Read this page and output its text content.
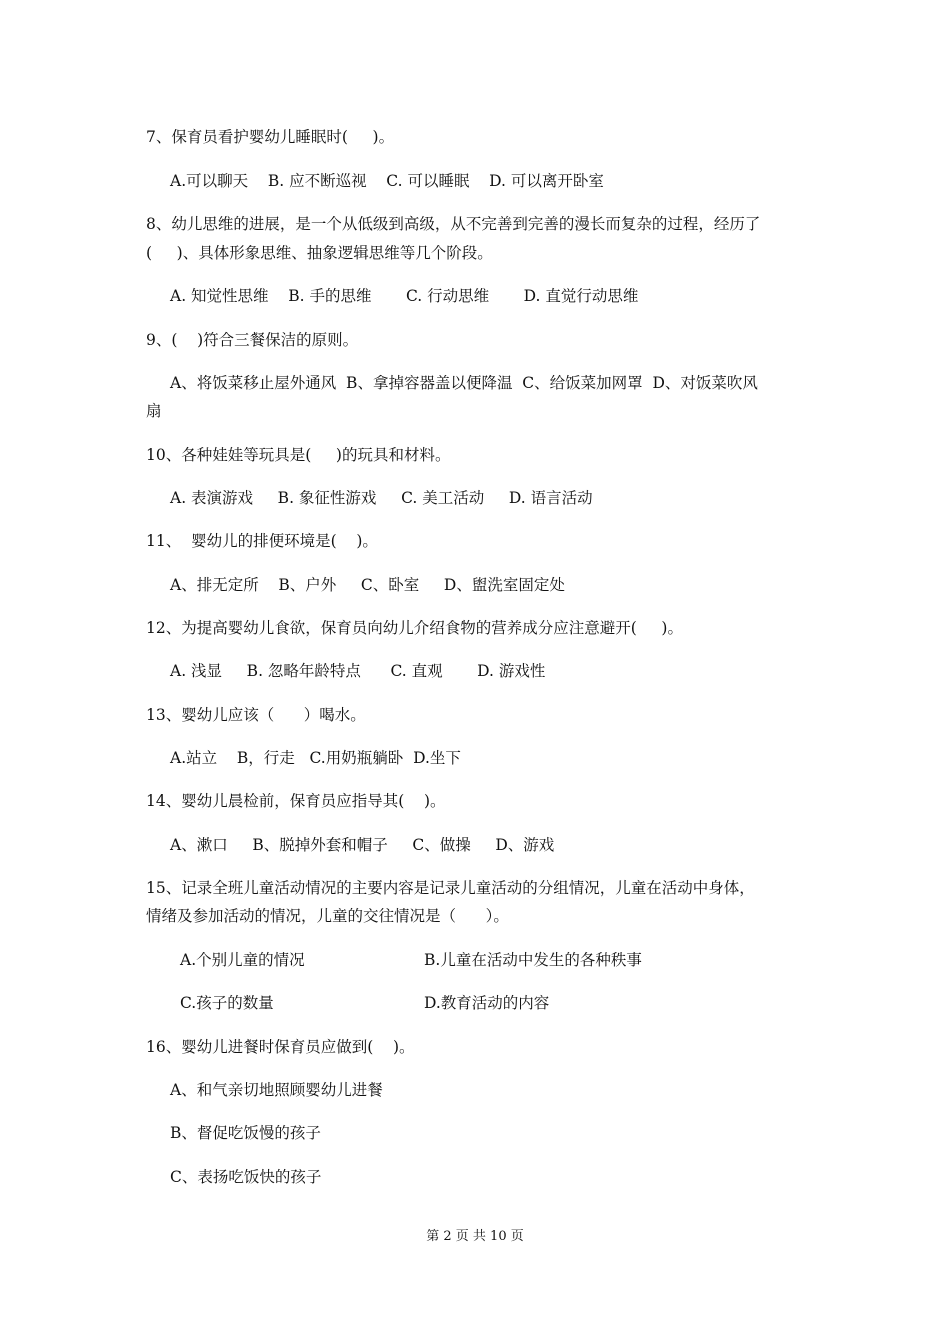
7、保育员看护婴幼儿睡眠时(     )。
A.可以聊天    B. 应不断巡视    C. 可以睡眠    D. 可以离开卧室
8、幼儿思维的进展，是一个从低级到高级，从不完善到完善的漫长而复杂的过程，经历了
(     )、具体形象思维、抽象逻辑思维等几个阶段。
A. 知觉性思维    B. 手的思维       C. 行动思维       D. 直觉行动思维
9、(    )符合三餐保洁的原则。
A、将饭菜移止屋外通风  B、拿掉容器盖以便降温  C、给饭菜加网罩  D、对饭菜吹风
扇
10、各种娃娃等玩具是(     )的玩具和材料。
A. 表演游戏     B. 象征性游戏     C. 美工活动     D. 语言活动
11、  婴幼儿的排便环境是(    )。
A、排无定所    B、户外     C、卧室     D、盥洗室固定处
12、为提高婴幼儿食欲，保育员向幼儿介绍食物的营养成分应注意避开(     )。
A. 浅显     B. 忽略年龄特点      C. 直观       D. 游戏性
13、婴幼儿应该（      ）喝水。
A.站立    B，行走   C.用奶瓶躺卧  D.坐下
14、婴幼儿晨检前，保育员应指导其(    )。
A、漱口     B、脱掉外套和帽子     C、做操     D、游戏
15、记录全班儿童活动情况的主要内容是记录儿童活动的分组情况，儿童在活动中身体，
情绪及参加活动的情况，儿童的交往情况是（      ）。
A.个别儿童的情况	B.儿童在活动中发生的各种秩事
C.孩子的数量	D.教育活动的内容
16、婴幼儿进餐时保育员应做到(    )。
A、和气亲切地照顾婴幼儿进餐
B、督促吃饭慢的孩子
C、表扬吃饭快的孩子
第 2 页 共 10 页
